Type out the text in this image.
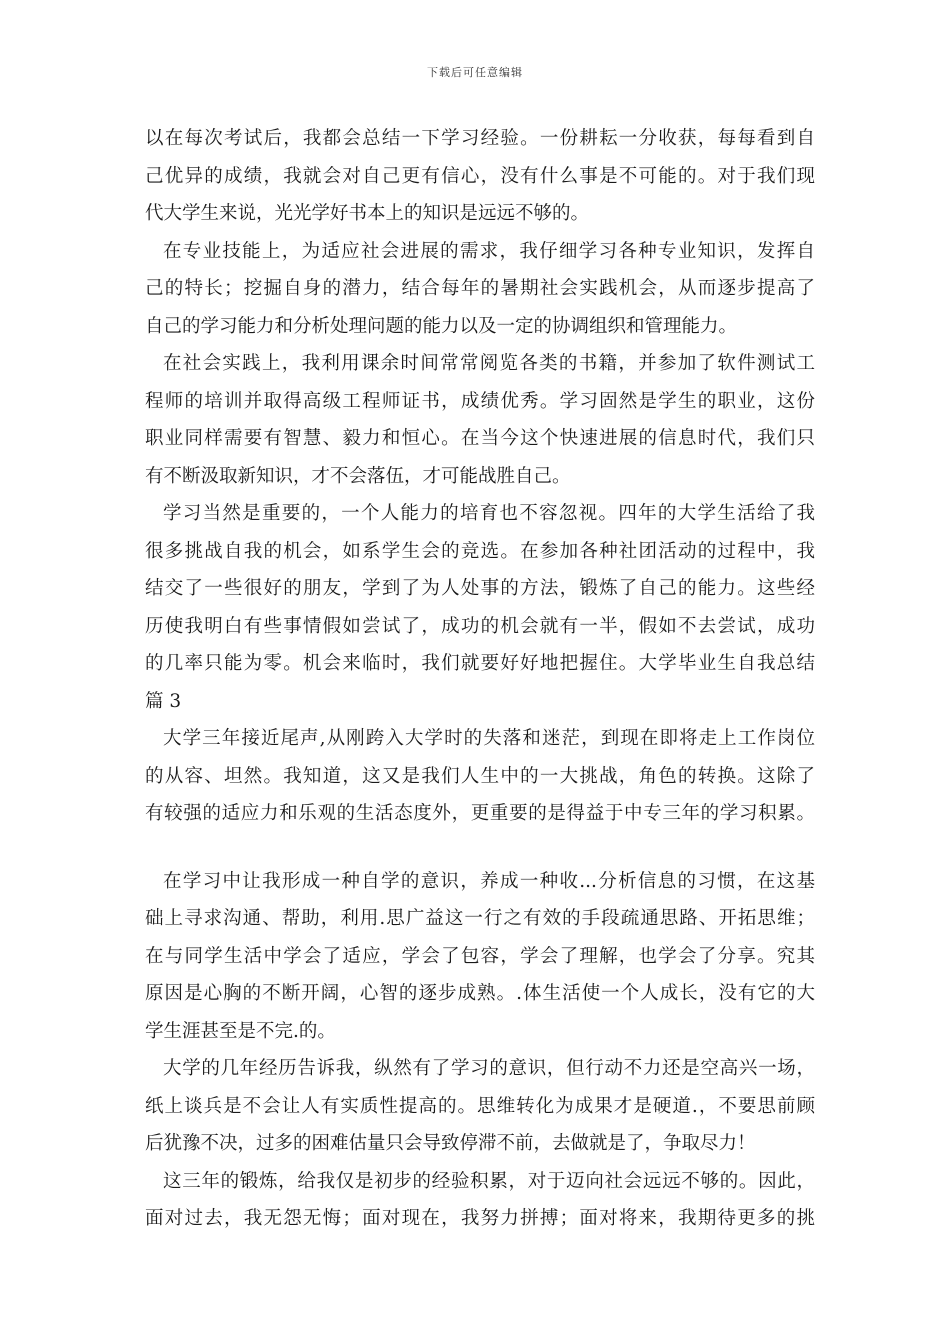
下载后可任意编辑
以在每次考试后，我都会总结一下学习经验。一份耕耘一分收获，每每看到自
己优异的成绩，我就会对自己更有信心，没有什么事是不可能的。对于我们现
代大学生来说，光光学好书本上的知识是远远不够的。
在专业技能上，为适应社会进展的需求，我仔细学习各种专业知识，发挥自
己的特长；挖掘自身的潜力，结合每年的暑期社会实践机会，从而逐步提高了
自己的学习能力和分析处理问题的能力以及一定的协调组织和管理能力。
在社会实践上，我利用课余时间常常阅览各类的书籍，并参加了软件测试工
程师的培训并取得高级工程师证书，成绩优秀。学习固然是学生的职业，这份
职业同样需要有智慧、毅力和恒心。在当今这个快速进展的信息时代，我们只
有不断汲取新知识，才不会落伍，才可能战胜自己。
学习当然是重要的，一个人能力的培育也不容忽视。四年的大学生活给了我
很多挑战自我的机会，如系学生会的竞选。在参加各种社团活动的过程中，我
结交了一些很好的朋友，学到了为人处事的方法，锻炼了自己的能力。这些经
历使我明白有些事情假如尝试了，成功的机会就有一半，假如不去尝试，成功
的几率只能为零。机会来临时，我们就要好好地把握住。大学毕业生自我总结
篇 3
大学三年接近尾声,从刚跨入大学时的失落和迷茫，到现在即将走上工作岗位
的从容、坦然。我知道，这又是我们人生中的一大挑战，角色的转换。这除了
有较强的适应力和乐观的生活态度外，更重要的是得益于中专三年的学习积累。
在学习中让我形成一种自学的意识，养成一种收...分析信息的习惯，在这基
础上寻求沟通、帮助，利用.思广益这一行之有效的手段疏通思路、开拓思维；
在与同学生活中学会了适应，学会了包容，学会了理解，也学会了分享。究其
原因是心胸的不断开阔，心智的逐步成熟。.体生活使一个人成长，没有它的大
学生涯甚至是不完.的。
大学的几年经历告诉我，纵然有了学习的意识，但行动不力还是空高兴一场，
纸上谈兵是不会让人有实质性提高的。思维转化为成果才是硬道.，不要思前顾
后犹豫不决，过多的困难估量只会导致停滞不前，去做就是了，争取尽力！
这三年的锻炼，给我仅是初步的经验积累，对于迈向社会远远不够的。因此，
面对过去，我无怨无悔；面对现在，我努力拼搏；面对将来，我期待更多的挑
